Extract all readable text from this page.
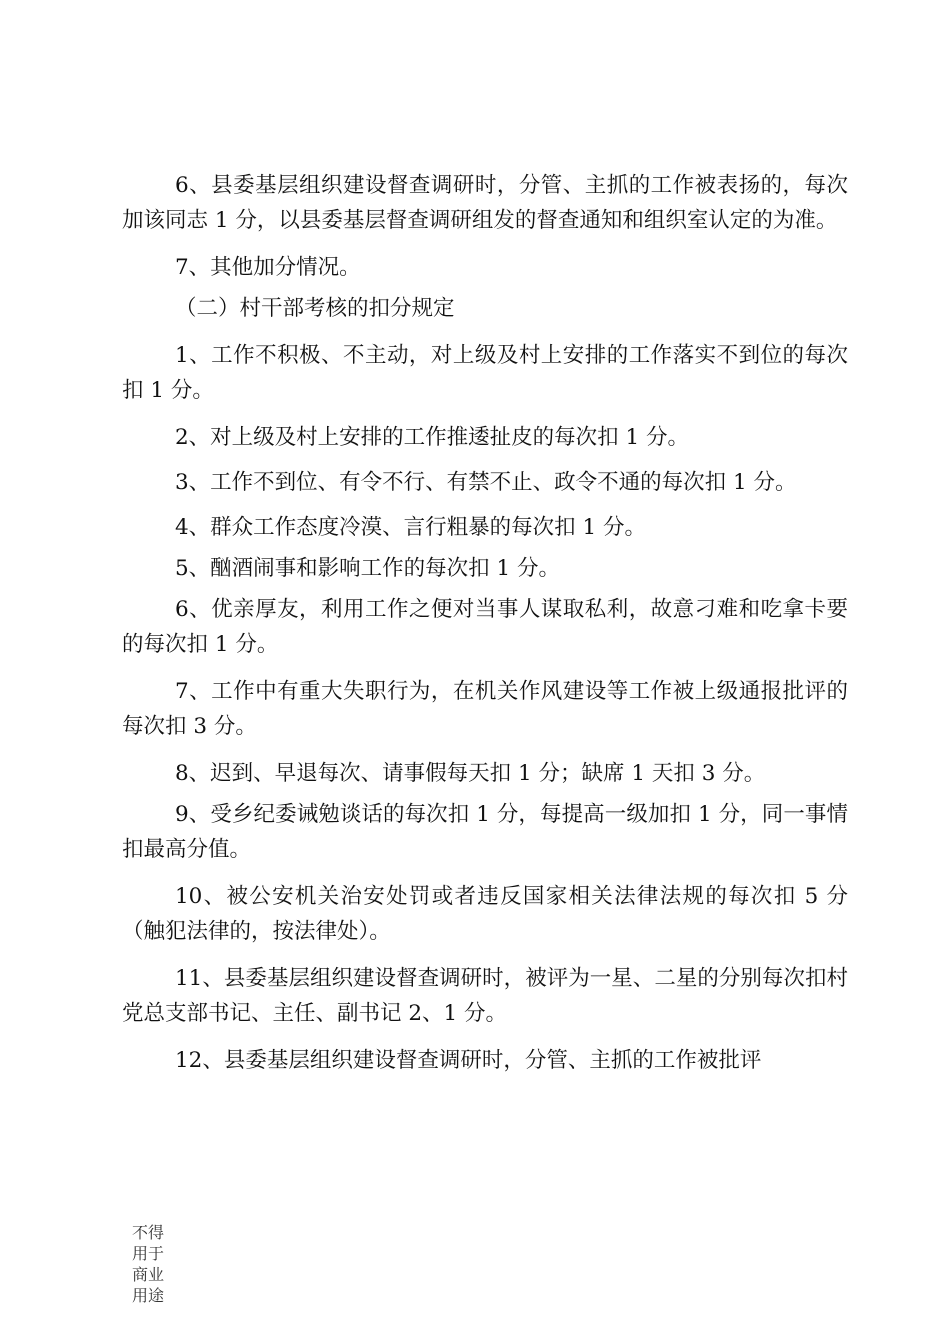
6、县委基层组织建设督查调研时，分管、主抓的工作被表扬的，每次加该同志 1 分，以县委基层督查调研组发的督查通知和组织室认定的为准。

7、其他加分情况。

（二）村干部考核的扣分规定

1、工作不积极、不主动，对上级及村上安排的工作落实不到位的每次扣 1 分。

2、对上级及村上安排的工作推逶扯皮的每次扣 1 分。

3、工作不到位、有令不行、有禁不止、政令不通的每次扣 1 分。

4、群众工作态度冷漠、言行粗暴的每次扣 1 分。

5、酗酒闹事和影响工作的每次扣 1 分。

6、优亲厚友，利用工作之便对当事人谋取私利，故意刁难和吃拿卡要的每次扣 1 分。

7、工作中有重大失职行为，在机关作风建设等工作被上级通报批评的每次扣 3 分。

8、迟到、早退每次、请事假每天扣 1 分；缺席 1 天扣 3 分。

9、受乡纪委诫勉谈话的每次扣 1 分，每提高一级加扣 1 分，同一事情扣最高分值。

10、被公安机关治安处罚或者违反国家相关法律法规的每次扣 5 分（触犯法律的，按法律处）。

11、县委基层组织建设督查调研时，被评为一星、二星的分别每次扣村党总支部书记、主任、副书记 2、1 分。

12、县委基层组织建设督查调研时，分管、主抓的工作被批评

不得
用于
商业
用途
